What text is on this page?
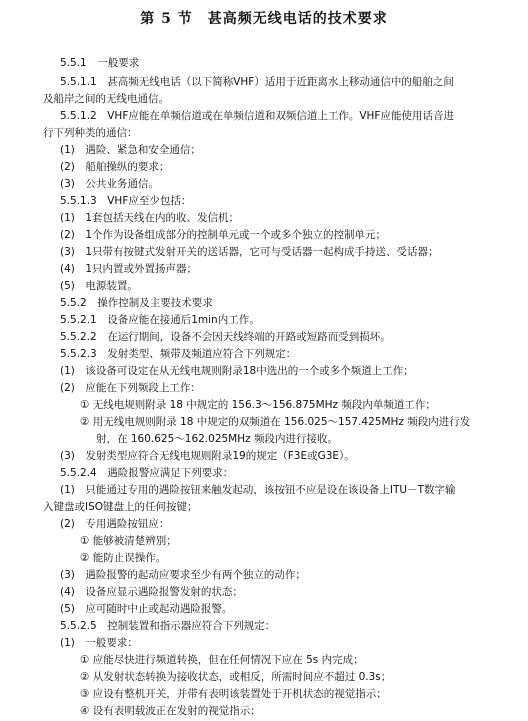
第 5 节　甚高频无线电话的技术要求
5.5.1　一般要求
5.5.1.1　甚高频无线电话（以下简称VHF）适用于近距离水上移动通信中的船舶之间
及船岸之间的无线电通信。
5.5.1.2　VHF应能在单频信道或在单频信道和双频信道上工作。VHF应能使用话音进
行下列种类的通信：
(1)　遇险、紧急和安全通信；
(2)　船舶操纵的要求；
(3)　公共业务通信。
5.5.1.3　VHF应至少包括：
(1)　1套包括天线在内的收、发信机；
(2)　1个作为设备组成部分的控制单元或一个或多个独立的控制单元；
(3)　1只带有按键式发射开关的送话器，它可与受话器一起构成手持送、受话器；
(4)　1只内置或外置扬声器；
(5)　电源装置。
5.5.2　操作控制及主要技术要求
5.5.2.1　设备应能在接通后1min内工作。
5.5.2.2　在运行期间，设备不会因天线终端的开路或短路而受到损坏。
5.5.2.3　发射类型、频带及频道应符合下列规定：
(1)　该设备可设定在从无线电规则附录18中选出的一个或多个频道上工作；
(2)　应能在下列频段上工作：
① 无线电规则附录 18 中规定的 156.3～156.875MHz 频段内单频道工作；
② 用无线电规则附录 18 中规定的双频道在 156.025～157.425MHz 频段内进行发
射，在 160.625～162.025MHz 频段内进行接收。
(3)　发射类型应符合无线电规则附录19的规定（F3E或G3E）。
5.5.2.4　遇险报警应满足下列要求：
(1)　只能通过专用的遇险按钮来触发起动，该按钮不应是设在该设备上ITU－T数字输
入键盘或ISO键盘上的任何按键；
(2)　专用遇险按钮应：
① 能够被清楚辨别；
② 能防止误操作。
(3)　遇险报警的起动应要求至少有两个独立的动作；
(4)　设备应显示遇险报警发射的状态；
(5)　应可随时中止或起动遇险报警。
5.5.2.5　控制装置和指示器应符合下列规定：
(1)　一般要求：
① 应能尽快进行频道转换，但在任何情况下应在 5s 内完成；
② 从发射状态转换为接收状态，或相反，所需时间应不超过 0.3s；
③ 应设有整机开关，并带有表明该装置处于开机状态的视觉指示；
④ 设有表明载波正在发射的视觉指示；
